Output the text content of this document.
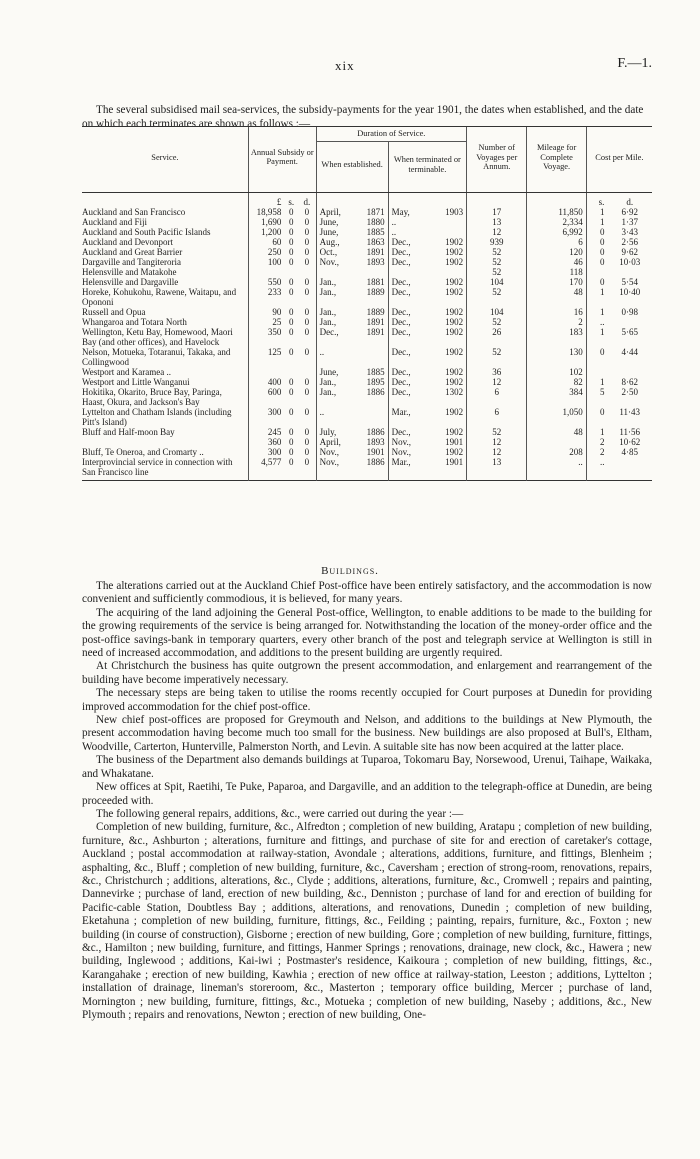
xix	F.—1.

The several subsidised mail sea-services, the subsidy-payments for the year 1901, the dates when established, and the date on which each terminates are shown as follows :—

Service.	Annual Subsidy or Payment.			Duration of Service.				Number of Voyages per Annum.	Mileage for Complete Voyage.	Cost per Mile.	
				When established.		When terminated or terminable.					

	£	s.	d.							s.	d.
Auckland and San Francisco	18,958	0	0	April,	1871	May,	1903	17	11,850	1	6·92
Auckland and Fiji	1,690	0	0	June,	1880	..		13	2,334	1	1·37
Auckland and South Pacific Islands	1,200	0	0	June,	1885	..		12	6,992	0	3·43
Auckland and Devonport	60	0	0	Aug.,	1863	Dec.,	1902	939	6	0	2·56
Auckland and Great Barrier	250	0	0	Oct.,	1891	Dec.,	1902	52	120	0	9·62
Dargaville and Tangiteroria	100	0	0	Nov.,	1893	Dec.,	1902	52	46	0	10·03
Helensville and Matakohe								52	118		
Helensville and Dargaville	550	0	0	Jan.,	1881	Dec.,	1902	104	170	0	5·54
Horeke, Kohukohu, Rawene, Waitapu, and Opononi	233	0	0	Jan.,	1889	Dec.,	1902	52	48	1	10·40
Russell and Opua	90	0	0	Jan.,	1889	Dec.,	1902	104	16	1	0·98
Whangaroa and Totara North	25	0	0	Jan.,	1891	Dec.,	1902	52	2	..	
Wellington, Ketu Bay, Homewood, Maori Bay (and other offices), and Havelock	350	0	0	Dec.,	1891	Dec.,	1902	26	183	1	5·65
Nelson, Motueka, Totaranui, Takaka, and Collingwood	125	0	0	..		Dec.,	1902	52	130	0	4·44
Westport and Karamea ..				June,	1885	Dec.,	1902	36	102		
Westport and Little Wanganui	400	0	0	Jan.,	1895	Dec.,	1902	12	82	1	8·62
Hokitika, Okarito, Bruce Bay, Paringa, Haast, Okura, and Jackson's Bay	600	0	0	Jan.,	1886	Dec.,	1302	6	384	5	2·50
Lyttelton and Chatham Islands (including Pitt's Island)	300	0	0	..		Mar.,	1902	6	1,050	0	11·43
Bluff and Half-moon Bay	245	0	0	July,	1886	Dec.,	1902	52	48	1	11·56
	360	0	0	April,	1893	Nov.,	1901	12		2	10·62
Bluff, Te Oneroa, and Cromarty ..	300	0	0	Nov.,	1901	Nov.,	1902	12	208	2	4·85
Interprovincial service in connection with San Francisco line	4,577	0	0	Nov.,	1886	Mar.,	1901	13	..	..	
Buildings.

The alterations carried out at the Auckland Chief Post-office have been entirely satisfactory, and the accommodation is now convenient and sufficiently commodious, it is believed, for many years.

The acquiring of the land adjoining the General Post-office, Wellington, to enable additions to be made to the building for the growing requirements of the service is being arranged for. Notwithstanding the location of the money-order office and the post-office savings-bank in temporary quarters, every other branch of the post and telegraph service at Wellington is still in need of increased accommodation, and additions to the present building are urgently required.

At Christchurch the business has quite outgrown the present accommodation, and enlargement and rearrangement of the building have become imperatively necessary.

The necessary steps are being taken to utilise the rooms recently occupied for Court purposes at Dunedin for providing improved accommodation for the chief post-office.

New chief post-offices are proposed for Greymouth and Nelson, and additions to the buildings at New Plymouth, the present accommodation having become much too small for the business. New buildings are also proposed at Bull's, Eltham, Woodville, Carterton, Hunterville, Palmerston North, and Levin. A suitable site has now been acquired at the latter place.

The business of the Department also demands buildings at Tuparoa, Tokomaru Bay, Norsewood, Urenui, Taihape, Waikaka, and Whakatane.

New offices at Spit, Raetihi, Te Puke, Paparoa, and Dargaville, and an addition to the telegraph-office at Dunedin, are being proceeded with.

The following general repairs, additions, &c., were carried out during the year :—

Completion of new building, furniture, &c., Alfredton ; completion of new building, Aratapu ; completion of new building, furniture, &c., Ashburton ; alterations, furniture and fittings, and purchase of site for and erection of caretaker's cottage, Auckland ; postal accommodation at railway-station, Avondale ; alterations, additions, furniture, and fittings, Blenheim ; asphalting, &c., Bluff ; completion of new building, furniture, &c., Caversham ; erection of strong-room, renovations, repairs, &c., Christchurch ; additions, alterations, &c., Clyde ; additions, alterations, furniture, &c., Cromwell ; repairs and painting, Dannevirke ; purchase of land, erection of new building, &c., Denniston ; purchase of land for and erection of building for Pacific-cable Station, Doubtless Bay ; additions, alterations, and renovations, Dunedin ; completion of new building, Eketahuna ; completion of new building, furniture, fittings, &c., Feilding ; painting, repairs, furniture, &c., Foxton ; new building (in course of construction), Gisborne ; erection of new building, Gore ; completion of new building, furniture, fittings, &c., Hamilton ; new building, furniture, and fittings, Hanmer Springs ; renovations, drainage, new clock, &c., Hawera ; new building, Inglewood ; additions, Kai-iwi ; Postmaster's residence, Kaikoura ; completion of new building, fittings, &c., Karangahake ; erection of new building, Kawhia ; erection of new office at railway-station, Leeston ; additions, Lyttelton ; installation of drainage, lineman's storeroom, &c., Masterton ; temporary office building, Mercer ; purchase of land, Mornington ; new building, furniture, fittings, &c., Motueka ; completion of new building, Naseby ; additions, &c., New Plymouth ; repairs and renovations, Newton ; erection of new building, One-
